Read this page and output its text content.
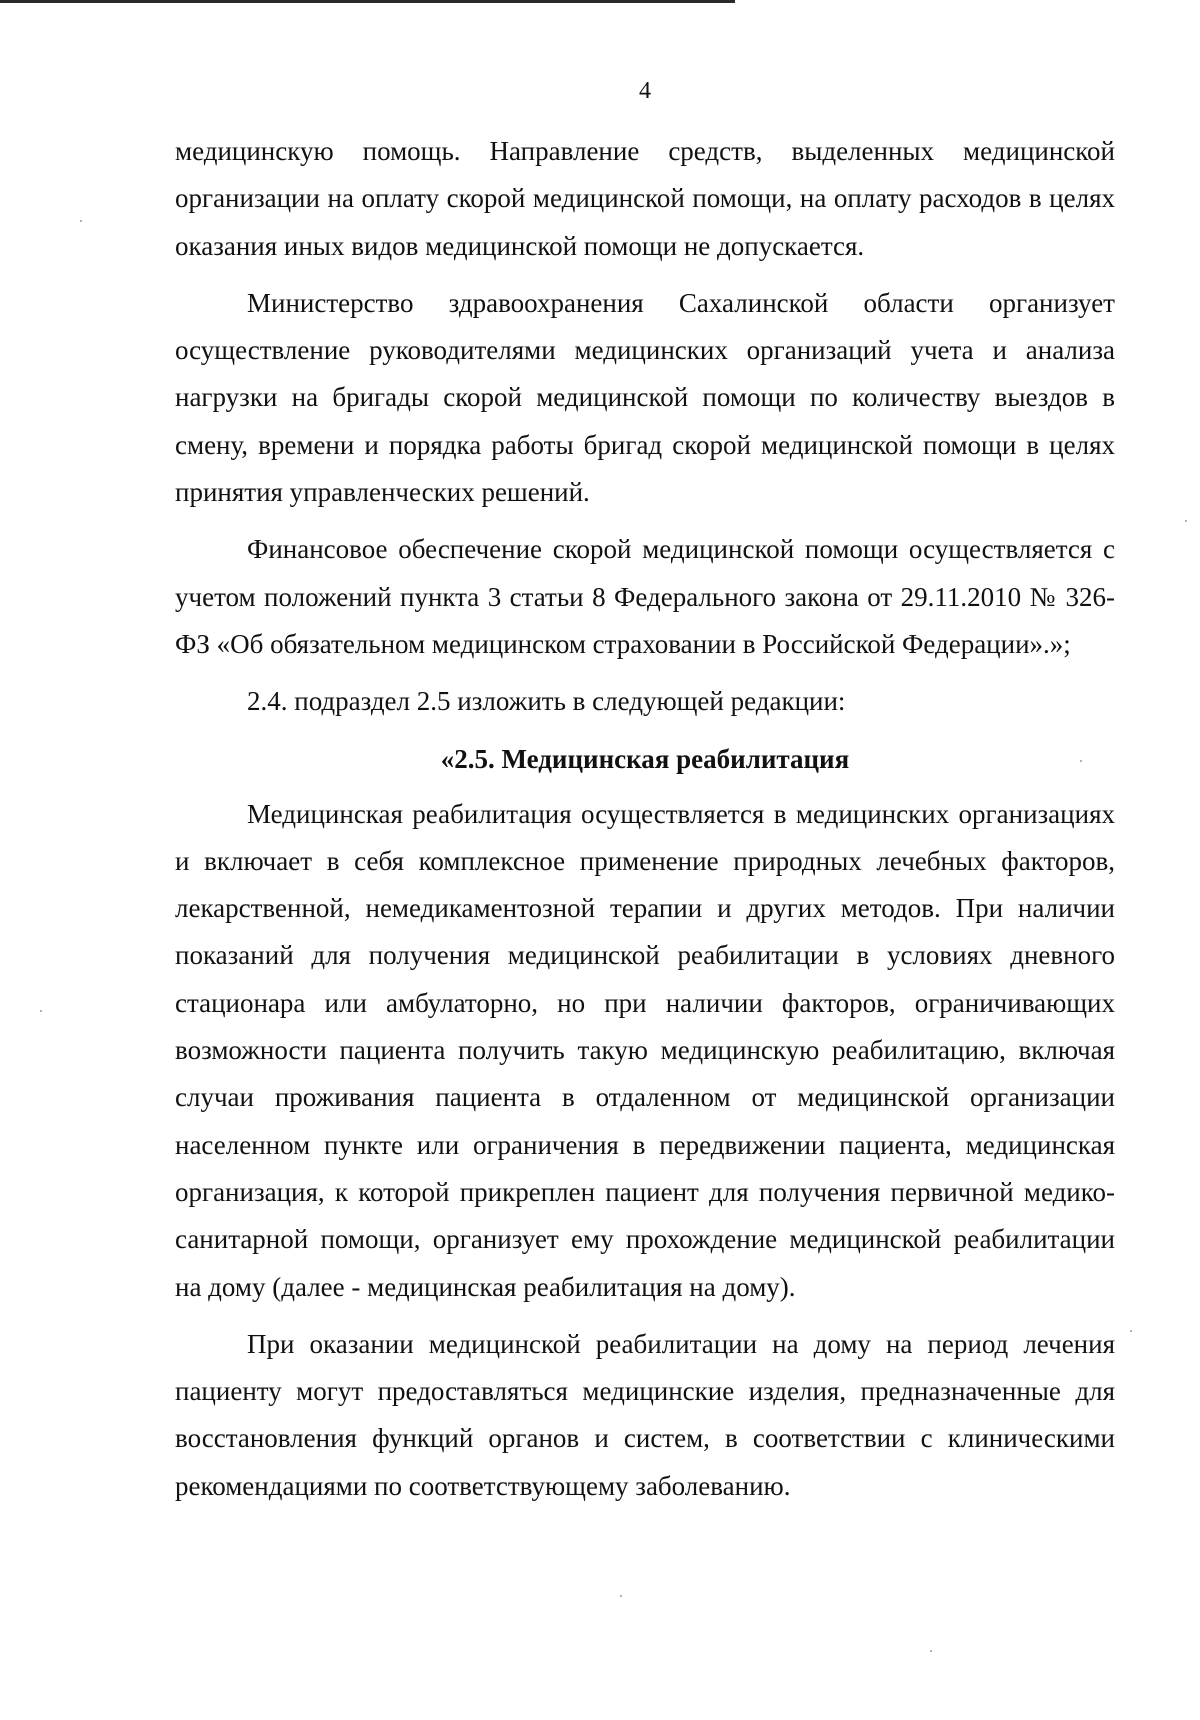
4

медицинскую помощь. Направление средств, выделенных медицинской организации на оплату скорой медицинской помощи, на оплату расходов в целях оказания иных видов медицинской помощи не допускается.

Министерство здравоохранения Сахалинской области организует осуществление руководителями медицинских организаций учета и анализа нагрузки на бригады скорой медицинской помощи по количеству выездов в смену, времени и порядка работы бригад скорой медицинской помощи в целях принятия управленческих решений.

Финансовое обеспечение скорой медицинской помощи осуществляется с учетом положений пункта 3 статьи 8 Федерального закона от 29.11.2010 № 326-ФЗ «Об обязательном медицинском страховании в Российской Федерации».»;

2.4. подраздел 2.5 изложить в следующей редакции:

«2.5. Медицинская реабилитация

Медицинская реабилитация осуществляется в медицинских организациях и включает в себя комплексное применение природных лечебных факторов, лекарственной, немедикаментозной терапии и других методов. При наличии показаний для получения медицинской реабилитации в условиях дневного стационара или амбулаторно, но при наличии факторов, ограничивающих возможности пациента получить такую медицинскую реабилитацию, включая случаи проживания пациента в отдаленном от медицинской организации населенном пункте или ограничения в передвижении пациента, медицинская организация, к которой прикреплен пациент для получения первичной медико-санитарной помощи, организует ему прохождение медицинской реабилитации на дому (далее - медицинская реабилитация на дому).

При оказании медицинской реабилитации на дому на период лечения пациенту могут предоставляться медицинские изделия, предназначенные для восстановления функций органов и систем, в соответствии с клиническими рекомендациями по соответствующему заболеванию.
